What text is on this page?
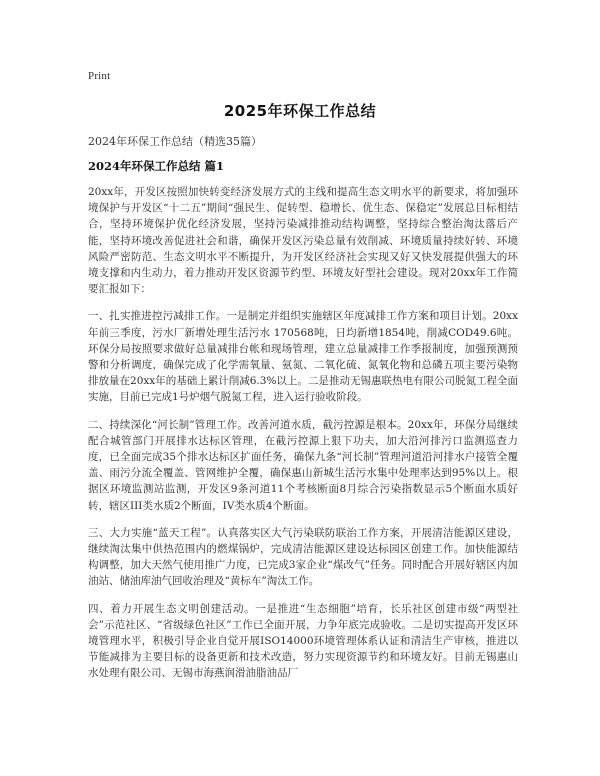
Print
2025年环保工作总结
2024年环保工作总结（精选35篇）
2024年环保工作总结 篇1

20xx年，开发区按照加快转变经济发展方式的主线和提高生态文明水平的新要求，将加强环境保护与开发区“十二五”期间“强民生、促转型、稳增长、优生态、保稳定”发展总目标相结合，坚持环境保护优化经济发展，坚持污染减排推动结构调整，坚持综合整治淘汰落后产能，坚持环境改善促进社会和谐，确保开发区污染总量有效削减、环境质量持续好转、环境风险严密防范、生态文明水平不断提升，为开发区经济社会实现又好又快发展提供强大的环境支撑和内生动力，着力推动开发区资源节约型、环境友好型社会建设。现对20xx年工作简要汇报如下：

一、扎实推进控污减排工作。一是制定并组织实施辖区年度减排工作方案和项目计划。20xx年前三季度，污水厂新增处理生活污水 170568吨，日均新增1854吨，削减COD49.6吨。环保分局按照要求做好总量减排台帐和现场管理，建立总量减排工作季报制度，加强预测预警和分析调度，确保完成了化学需氧量、氨氮、二氧化硫、氮氧化物和总磷五项主要污染物排放量在20xx年的基础上累计削减6.3%以上。二是推动无锡惠联热电有限公司脱氮工程全面实施，目前已完成1号炉烟气脱氮工程，进入运行验收阶段。

二、持续深化“河长制”管理工作。改善河道水质，截污控源是根本。20xx年，环保分局继续配合城管部门开展排水达标区管理，在截污控源上狠下功夫，加大沿河排污口监测巡查力度，已全面完成35个排水达标区扩面任务，确保九条“河长制”管理河道沿河排水户接管全覆盖、雨污分流全覆盖、管网维护全覆，确保惠山新城生活污水集中处理率达到95%以上。根据区环境监测站监测，开发区9条河道11个考核断面8月综合污染指数显示5个断面水质好转，辖区III类水质2个断面，IV类水质4个断面。

三、大力实施“蓝天工程”。认真落实区大气污染联防联治工作方案，开展清洁能源区建设，继续淘汰集中供热范围内的燃煤锅炉，完成清洁能源区建设达标园区创建工作。加快能源结构调整，加大天然气使用推广力度，已完成3家企业“煤改气”任务。同时配合开展好辖区内加油站、储油库油气回收治理及“黄标车”淘汰工作。

四、着力开展生态文明创建活动。一是推进“生态细胞”培育，长乐社区创建市级“两型社会”示范社区、“省级绿色社区”工作已全面开展，力争年底完成验收。二是切实提高开发区环境管理水平，积极引导企业自觉开展ISO14000环境管理体系认证和清洁生产审核，推进以节能减排为主要目标的设备更新和技术改造，努力实现资源节约和环境友好。目前无锡惠山水处理有限公司、无锡市海燕润滑油脂油品厂
